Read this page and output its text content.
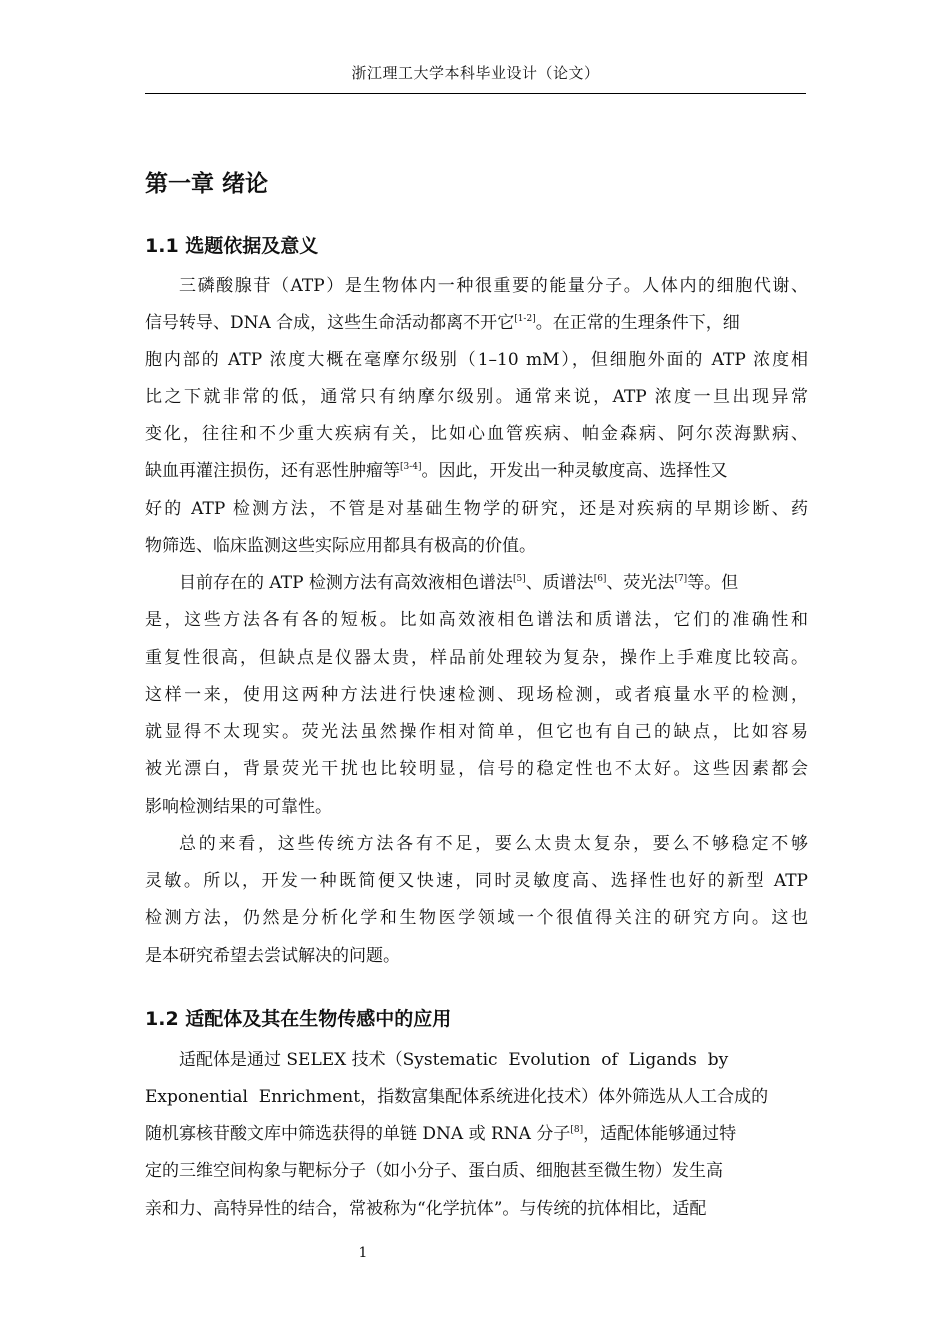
浙江理工大学本科毕业设计（论文）
第一章 绪论
1.1 选题依据及意义
三磷酸腺苷（ATP）是生物体内一种很重要的能量分子。人体内的细胞代谢、
信号转导、DNA 合成，这些生命活动都离不开它[1-2]。在正常的生理条件下，细
胞内部的 ATP 浓度大概在毫摩尔级别（1–10 mM），但细胞外面的 ATP 浓度相
比之下就非常的低，通常只有纳摩尔级别。通常来说，ATP 浓度一旦出现异常
变化，往往和不少重大疾病有关，比如心血管疾病、帕金森病、阿尔茨海默病、
缺血再灌注损伤，还有恶性肿瘤等[3-4]。因此，开发出一种灵敏度高、选择性又
好的 ATP 检测方法，不管是对基础生物学的研究，还是对疾病的早期诊断、药
物筛选、临床监测这些实际应用都具有极高的价值。
目前存在的 ATP 检测方法有高效液相色谱法[5]、质谱法[6]、荧光法[7]等。但
是，这些方法各有各的短板。比如高效液相色谱法和质谱法，它们的准确性和
重复性很高，但缺点是仪器太贵，样品前处理较为复杂，操作上手难度比较高。
这样一来，使用这两种方法进行快速检测、现场检测，或者痕量水平的检测，
就显得不太现实。荧光法虽然操作相对简单，但它也有自己的缺点，比如容易
被光漂白，背景荧光干扰也比较明显，信号的稳定性也不太好。这些因素都会
影响检测结果的可靠性。
总的来看，这些传统方法各有不足，要么太贵太复杂，要么不够稳定不够
灵敏。所以，开发一种既简便又快速，同时灵敏度高、选择性也好的新型 ATP
检测方法，仍然是分析化学和生物医学领域一个很值得关注的研究方向。这也
是本研究希望去尝试解决的问题。
1.2 适配体及其在生物传感中的应用
适配体是通过 SELEX 技术（Systematic  Evolution  of  Ligands  by
Exponential  Enrichment，指数富集配体系统进化技术）体外筛选从人工合成的
随机寡核苷酸文库中筛选获得的单链 DNA 或 RNA 分子[8]，适配体能够通过特
定的三维空间构象与靶标分子（如小分子、蛋白质、细胞甚至微生物）发生高
亲和力、高特异性的结合，常被称为“化学抗体”。与传统的抗体相比，适配
1
